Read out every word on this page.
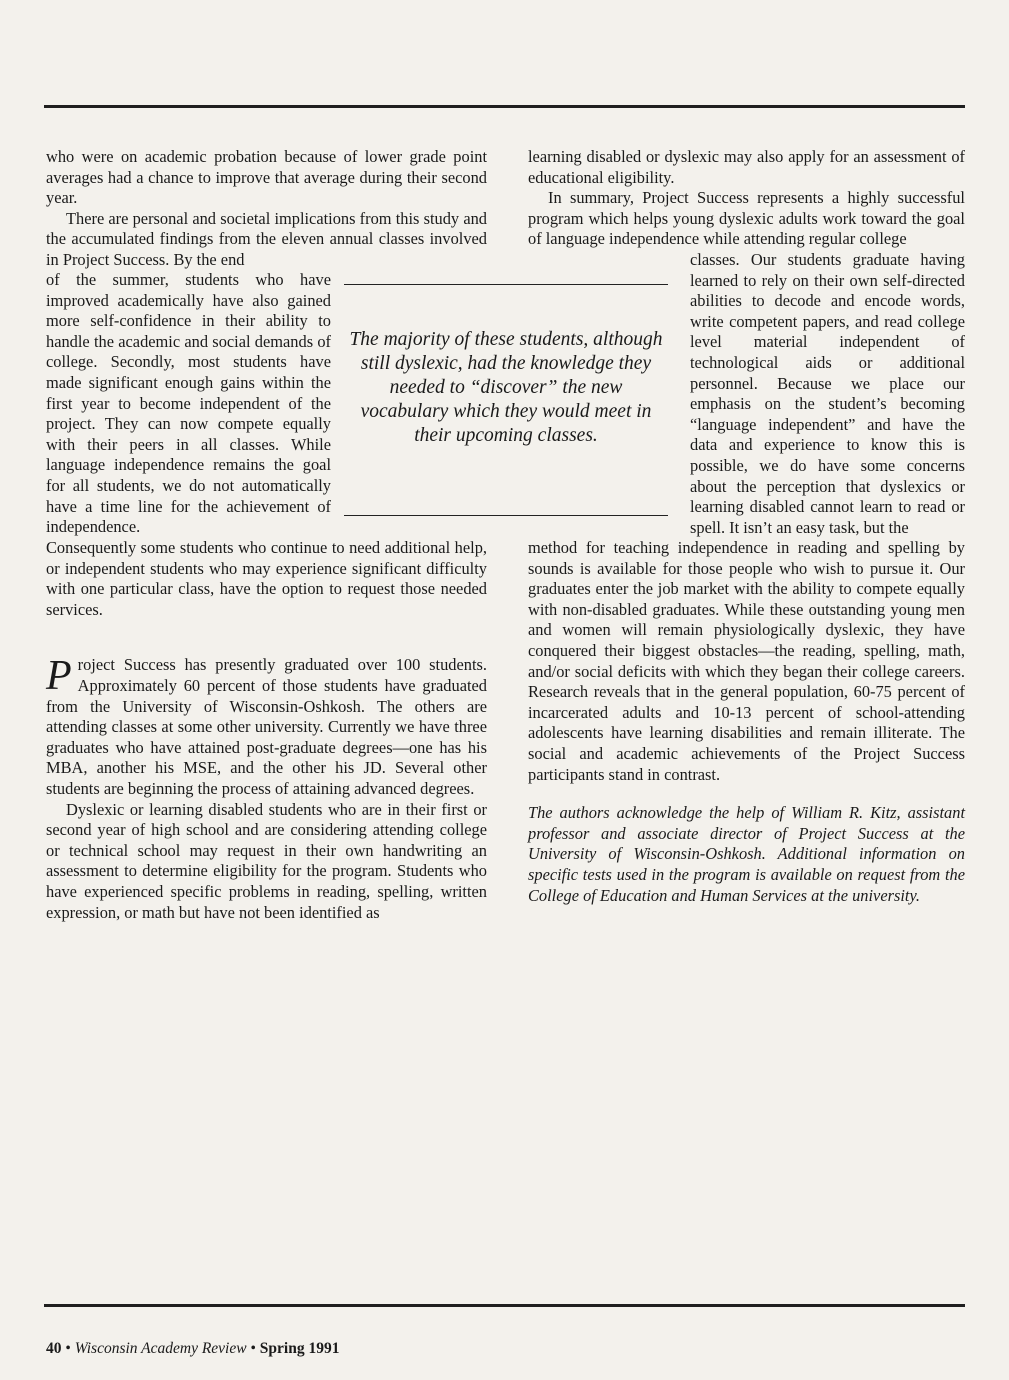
who were on academic probation because of lower grade point averages had a chance to improve that average during their second year.

There are personal and societal implications from this study and the accumulated findings from the eleven annual classes involved in Project Success. By the end

of the summer, students who have improved academically have also gained more self-confidence in their ability to handle the academic and social demands of college. Secondly, most students have made significant enough gains within the first year to become independent of the project. They can now compete equally with their peers in all classes. While language independence remains the goal for all students, we do not automatically have a time line for the achievement of independence.

The majority of these students, although still dyslexic, had the knowledge they needed to “discover” the new vocabulary which they would meet in their upcoming classes.

Consequently some students who continue to need additional help, or independent students who may experience significant difficulty with one particular class, have the option to request those needed services.

Project Success has presently graduated over 100 students. Approximately 60 percent of those students have graduated from the University of Wisconsin-Oshkosh. The others are attending classes at some other university. Currently we have three graduates who have attained post-graduate degrees—one has his MBA, another his MSE, and the other his JD. Several other students are beginning the process of attaining advanced degrees.

Dyslexic or learning disabled students who are in their first or second year of high school and are considering attending college or technical school may request in their own handwriting an assessment to determine eligibility for the program. Students who have experienced specific problems in reading, spelling, written expression, or math but have not been identified as

learning disabled or dyslexic may also apply for an assessment of educational eligibility.

In summary, Project Success represents a highly successful program which helps young dyslexic adults work toward the goal of language independence while attending regular college

classes. Our students graduate having learned to rely on their own self-directed abilities to decode and encode words, write competent papers, and read college level material independent of technological aids or additional personnel. Because we place our emphasis on the student’s becoming “language independent” and have the data and experience to know this is possible, we do have some concerns about the perception that dyslexics or learning disabled cannot learn to read or spell. It isn’t an easy task, but the

method for teaching independence in reading and spelling by sounds is available for those people who wish to pursue it. Our graduates enter the job market with the ability to compete equally with non-disabled graduates. While these outstanding young men and women will remain physiologically dyslexic, they have conquered their biggest obstacles—the reading, spelling, math, and/or social deficits with which they began their college careers. Research reveals that in the general population, 60-75 percent of incarcerated adults and 10-13 percent of school-attending adolescents have learning disabilities and remain illiterate. The social and academic achievements of the Project Success participants stand in contrast.

The authors acknowledge the help of William R. Kitz, assistant professor and associate director of Project Success at the University of Wisconsin-Oshkosh. Additional information on specific tests used in the program is available on request from the College of Education and Human Services at the university.

40 • Wisconsin Academy Review • Spring 1991
